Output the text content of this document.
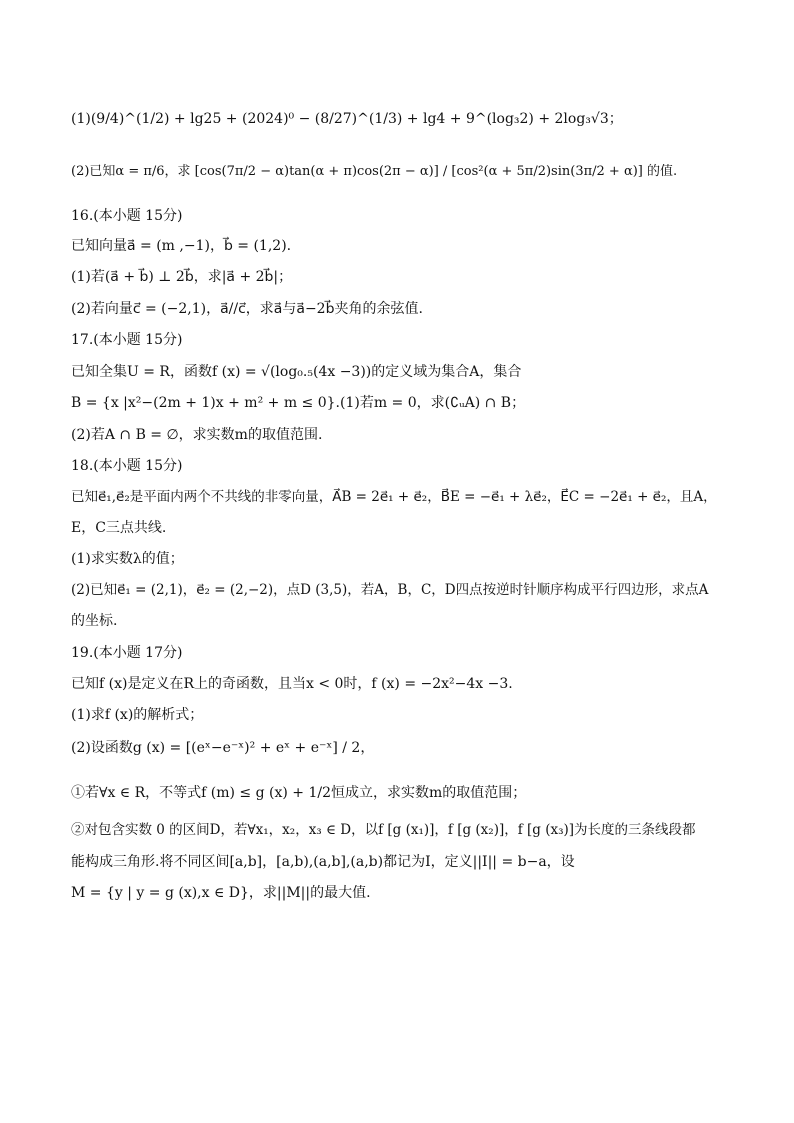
(1)(9/4)^(1/2) + lg25 + (2024)⁰ − (8/27)^(1/3) + lg4 + 9^(log₃2) + 2log₃√3；
(2)已知α = π/6，求 [cos(7π/2 − α)tan(α + π)cos(2π − α)] / [cos²(α + 5π/2)sin(3π/2 + α)] 的值.
16.(本小题 15分)
已知向量a⃗ = (m ,−1)，b⃗ = (1,2).
(1)若(a⃗ + b⃗) ⊥ 2b⃗，求|a⃗ + 2b⃗|；
(2)若向量c⃗ = (−2,1)，a⃗//c⃗，求a⃗与a⃗−2b⃗夹角的余弦值.
17.(本小题 15分)
已知全集U = R，函数f (x) = √(log₀.₅(4x −3))的定义域为集合A，集合
B = {x |x²−(2m + 1)x + m² + m ≤ 0}.(1)若m = 0，求(∁ᵤA) ∩ B；
(2)若A ∩ B = ∅，求实数m的取值范围.
18.(本小题 15分)
已知e⃗₁,e⃗₂是平面内两个不共线的非零向量，A⃗B = 2e⃗₁ + e⃗₂，B⃗E = −e⃗₁ + λe⃗₂，E⃗C = −2e⃗₁ + e⃗₂，且A，
E，C三点共线.
(1)求实数λ的值；
(2)已知e⃗₁ = (2,1)，e⃗₂ = (2,−2)，点D (3,5)，若A，B，C，D四点按逆时针顺序构成平行四边形，求点A
的坐标.
19.(本小题 17分)
已知f (x)是定义在R上的奇函数，且当x < 0时，f (x) = −2x²−4x −3.
(1)求f (x)的解析式；
(2)设函数g (x) = [(eˣ−e⁻ˣ)² + eˣ + e⁻ˣ] / 2，
①若∀x ∈ R，不等式f (m) ≤ g (x) + 1/2恒成立，求实数m的取值范围；
②对包含实数 0 的区间D，若∀x₁，x₂，x₃ ∈ D，以f [g (x₁)]，f [g (x₂)]，f [g (x₃)]为长度的三条线段都
能构成三角形.将不同区间[a,b]，[a,b),(a,b],(a,b)都记为I，定义||I|| = b−a，设
M = {y | y = g (x),x ∈ D}，求||M||的最大值.
